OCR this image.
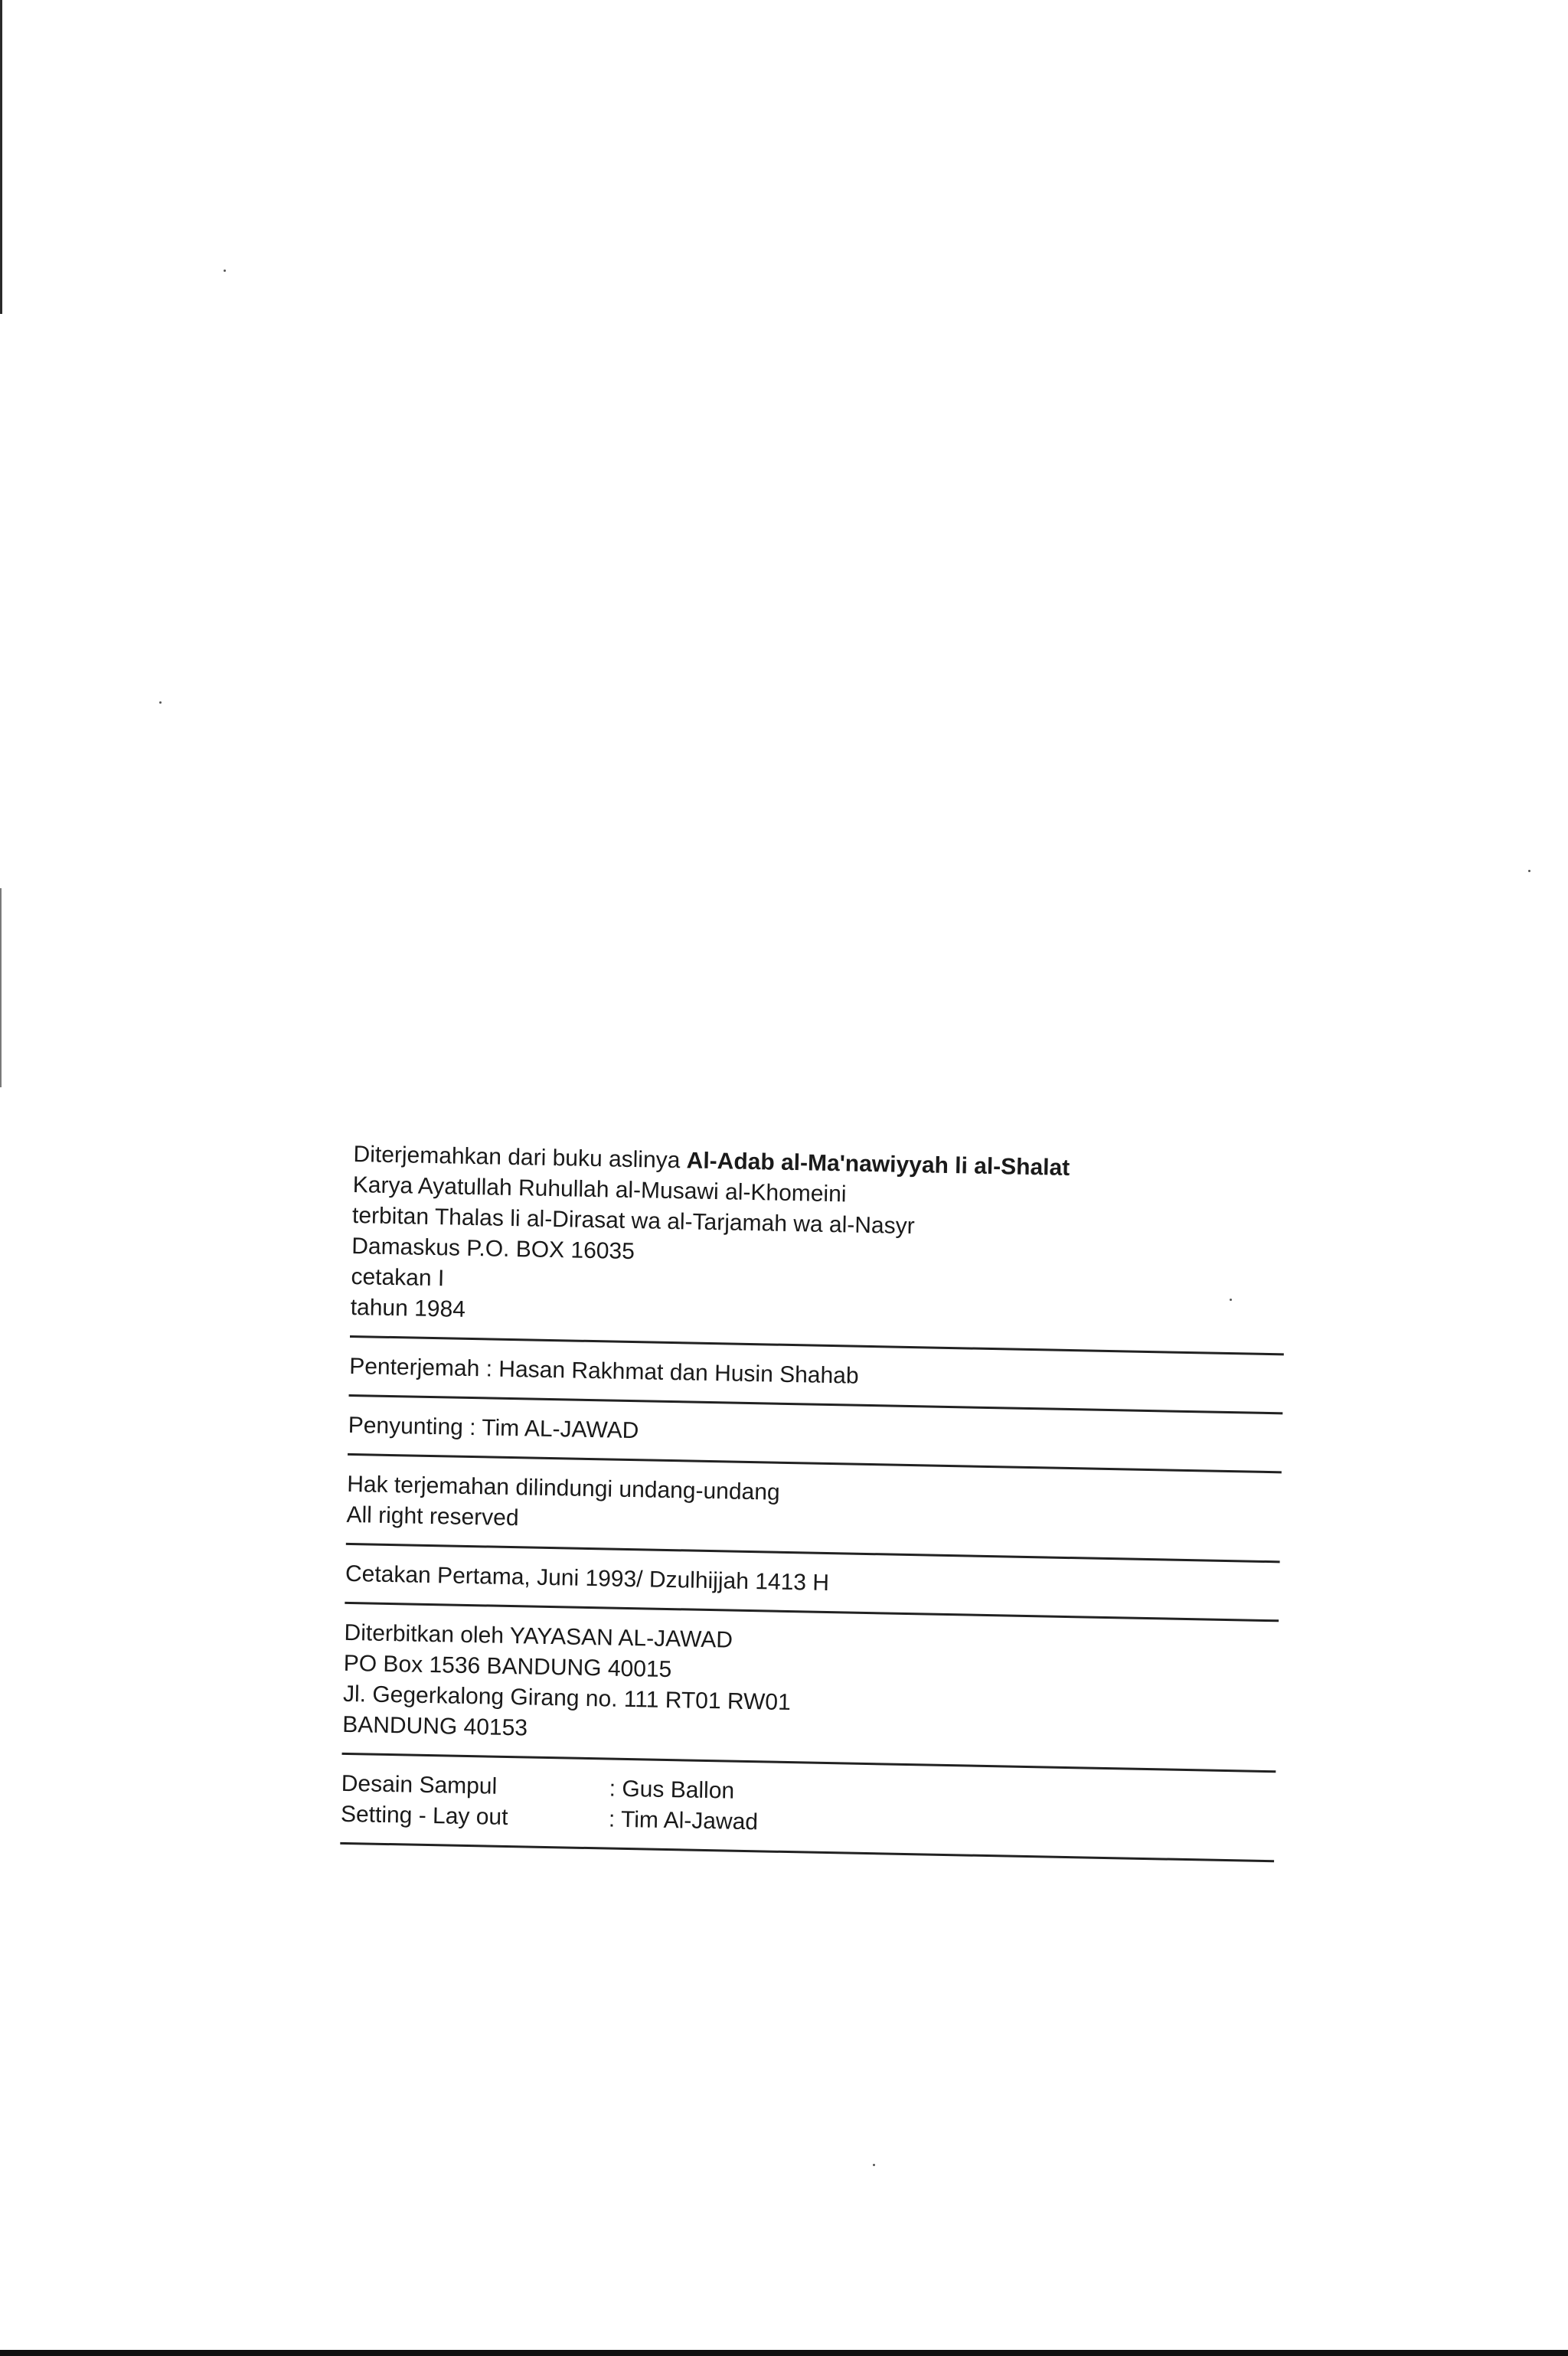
Diterjemahkan dari buku aslinya Al-Adab al-Ma'nawiyyah li al-Shalat
Karya Ayatullah Ruhullah al-Musawi al-Khomeini
terbitan Thalas li al-Dirasat wa al-Tarjamah wa al-Nasyr
Damaskus P.O. BOX 16035
cetakan I
tahun 1984
Penterjemah : Hasan Rakhmat dan Husin Shahab
Penyunting : Tim AL-JAWAD
Hak terjemahan dilindungi undang-undang
All right reserved
Cetakan Pertama, Juni 1993/ Dzulhijjah 1413 H
Diterbitkan oleh YAYASAN AL-JAWAD
PO Box 1536 BANDUNG 40015
Jl. Gegerkalong Girang no. 111 RT01 RW01
BANDUNG 40153
Desain Sampul	: Gus Ballon
Setting - Lay out	: Tim Al-Jawad
